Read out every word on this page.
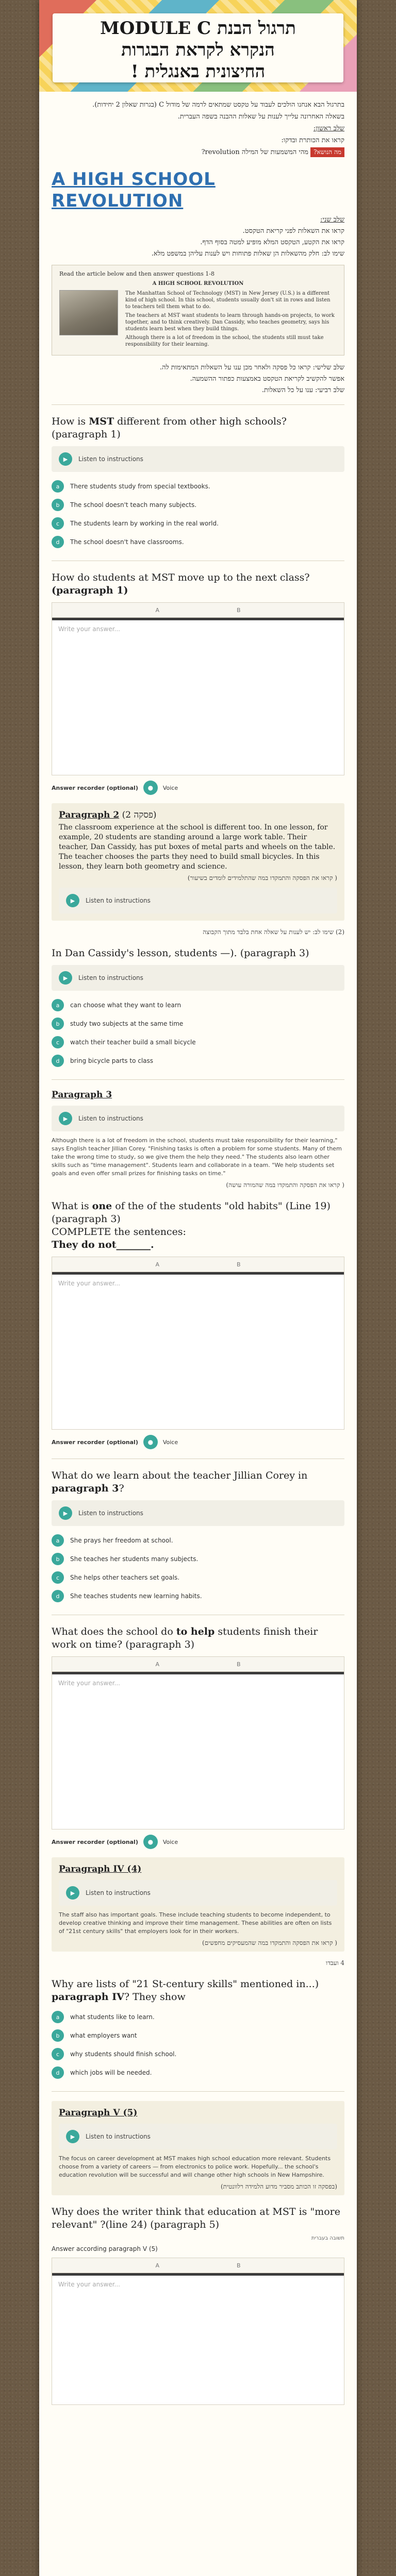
תרגול הבנת MODULE C
הנקרא לקראת הבגרות
החיצונית באנגלית !

בתרגול הבא אנחנו הולכים לעבוד על טקסט שמתאים לרמה של מודול C (בגרות שאלון 2 יחידות).

בשאלה האחרונה עלייך לענות על שאלות ההבנה בשפה העברית.

שלב ראשון:

קראו את הכותרת ובדקו:

מה הנושא? מהי המשמעות של המילה revolution?

A HIGH SCHOOL
REVOLUTION

שלב שני:

קראו את השאלות לפני קריאת הטקסט.

קראו את הקטע, הטקסט המלא מופיע למטה בסוף הדף.

שימו לב: חלק מהשאלות הן שאלות פתוחות ויש לענות עליהן במשפט מלא.

Read the article below and then answer questions 1-8
A HIGH SCHOOL REVOLUTION

The Manhattan School of Technology (MST) in New Jersey (U.S.) is a different kind of high school. In this school, students usually don't sit in rows and listen to teachers tell them what to do.

The teachers at MST want students to learn through hands-on projects, to work together, and to think creatively. Dan Cassidy, who teaches geometry, says his students learn best when they build things.

Although there is a lot of freedom in the school, the students still must take responsibility for their learning.

שלב שלישי: קראו כל פסקה ולאחר מכן ענו על השאלות המתאימות לה.

אפשר להקשיב לקריאת הטקסט באמצעות כפתור ההשמעה.

שלב רביעי: ענו על כל השאלות.

How is MST different from other high schools? (paragraph 1)
▶	Listen to instructions
a	There students study from special textbooks.
b	The school doesn't teach many subjects.
c	The students learn by working in the real world.
d	The school doesn't have classrooms.
How do students at MST move up to the next class? (paragraph 1)
A	B
Write your answer...
Answer recorder (optional)	●	Voice
Paragraph 2 (פסקה 2)
The classroom experience at the school is different too. In one lesson, for example, 20 students are standing around a large work table. Their teacher, Dan Cassidy, has put boxes of metal parts and wheels on the table. The teacher chooses the parts they need to build small bicycles. In this lesson, they learn both geometry and science.
( קראו את הפסקה והתמקדו במה שהתלמידים לומדים בשיעור)
▶	Listen to instructions
(2) שימו לב: יש לענות על שאלה אחת בלבד מתוך הקבוצה
In Dan Cassidy's lesson, students —). (paragraph 3)
▶	Listen to instructions
a	can choose what they want to learn
b	study two subjects at the same time
c	watch their teacher build a small bicycle
d	bring bicycle parts to class
Paragraph 3
▶	Listen to instructions
Although there is a lot of freedom in the school, students must take responsibility for their learning," says English teacher Jillian Corey. "Finishing tasks is often a problem for some students. Many of them take the wrong time to study, so we give them the help they need." The students also learn other skills such as "time management". Students learn and collaborate in a team. "We help students set goals and even offer small prizes for finishing tasks on time."
( קראו את הפסקה והתמקדו במה שהמורה עושה)
What is one of the of the students "old habits" (Line 19) (paragraph 3)
COMPLETE the sentences:
They do not_______.
A	B
Write your answer...
Answer recorder (optional)	●	Voice
What do we learn about the teacher Jillian Corey in paragraph 3?
▶	Listen to instructions
a	She prays her freedom at school.
b	She teaches her students many subjects.
c	She helps other teachers set goals.
d	She teaches students new learning habits.
What does the school do to help students finish their work on time? (paragraph 3)
A	B
Write your answer...
Answer recorder (optional)	●	Voice
Paragraph IV (4)
▶	Listen to instructions
The staff also has important goals. These include teaching students to become independent, to develop creative thinking and improve their time management. These abilities are often on lists of "21st century skills" that employers look for in their workers.
( קראו את הפסקה והתמקדו במה שהמעסיקים מחפשים)
4 ועבדו
Why are lists of "21 St-century skills" mentioned in...) paragraph IV? They show
a	what students like to learn.
b	what employers want
c	why students should finish school.
d	which jobs will be needed.
Paragraph V (5)
▶	Listen to instructions
The focus on career development at MST makes high school education more relevant. Students choose from a variety of careers — from electronics to police work. Hopefully... the school's education revolution will be successful and will change other high schools in New Hampshire.
(בפסקה זו הכותב מסביר מדוע הלמידה רלוונטית)
Why does the writer think that education at MST is "more relevant" ?(line 24) (paragraph 5)
תשובה בעברית
Answer according paragraph V (5)
A	B
Write your answer...
